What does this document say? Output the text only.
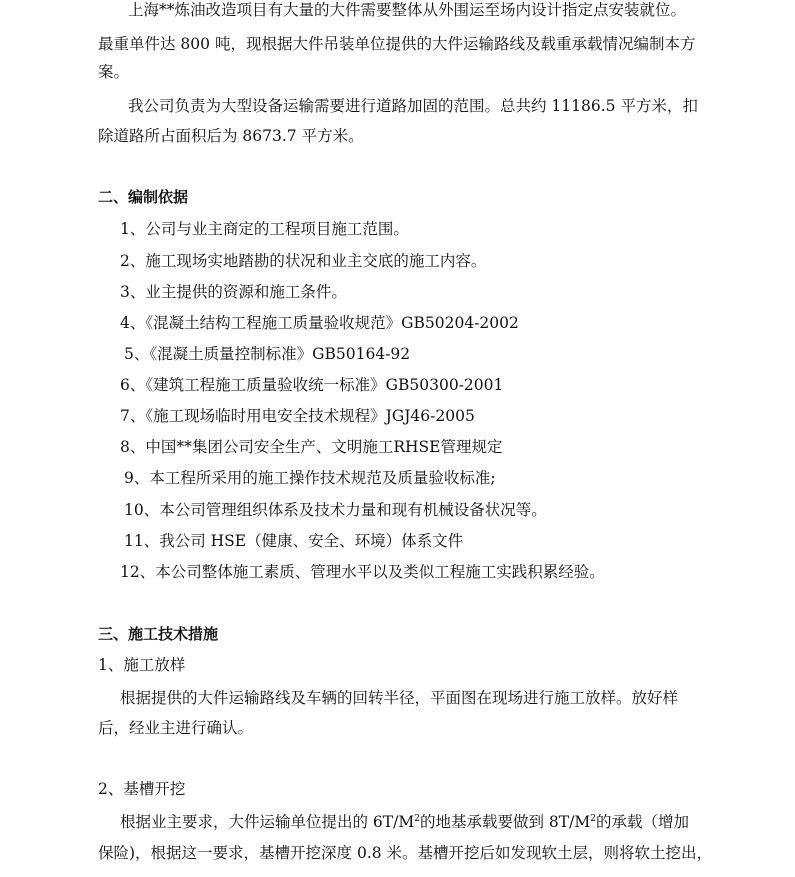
上海**炼油改造项目有大量的大件需要整体从外围运至场内设计指定点安装就位。
最重单件达 800 吨，现根据大件吊装单位提供的大件运输路线及载重承载情况编制本方
案。
我公司负责为大型设备运输需要进行道路加固的范围。总共约 11186.5 平方米，扣
除道路所占面积后为 8673.7 平方米。
二、编制依据
1、公司与业主商定的工程项目施工范围。
2、施工现场实地踏勘的状况和业主交底的施工内容。
3、业主提供的资源和施工条件。
4、《混凝土结构工程施工质量验收规范》GB50204-2002
5、《混凝土质量控制标准》GB50164-92
6、《建筑工程施工质量验收统一标准》GB50300-2001
7、《施工现场临时用电安全技术规程》JGJ46-2005
8、中国**集团公司安全生产、文明施工RHSE管理规定
9、本工程所采用的施工操作技术规范及质量验收标准;
10、本公司管理组织体系及技术力量和现有机械设备状况等。
11、我公司 HSE（健康、安全、环境）体系文件
12、本公司整体施工素质、管理水平以及类似工程施工实践积累经验。
三、施工技术措施
1、施工放样
根据提供的大件运输路线及车辆的回转半径，平面图在现场进行施工放样。放好样
后，经业主进行确认。
2、基槽开挖
根据业主要求，大件运输单位提出的 $6T/M^2$的地基承载要做到 $8T/M^2$的承载（增加
保险)，根据这一要求，基槽开挖深度 0.8 米。基槽开挖后如发现软土层，则将软土挖出，
